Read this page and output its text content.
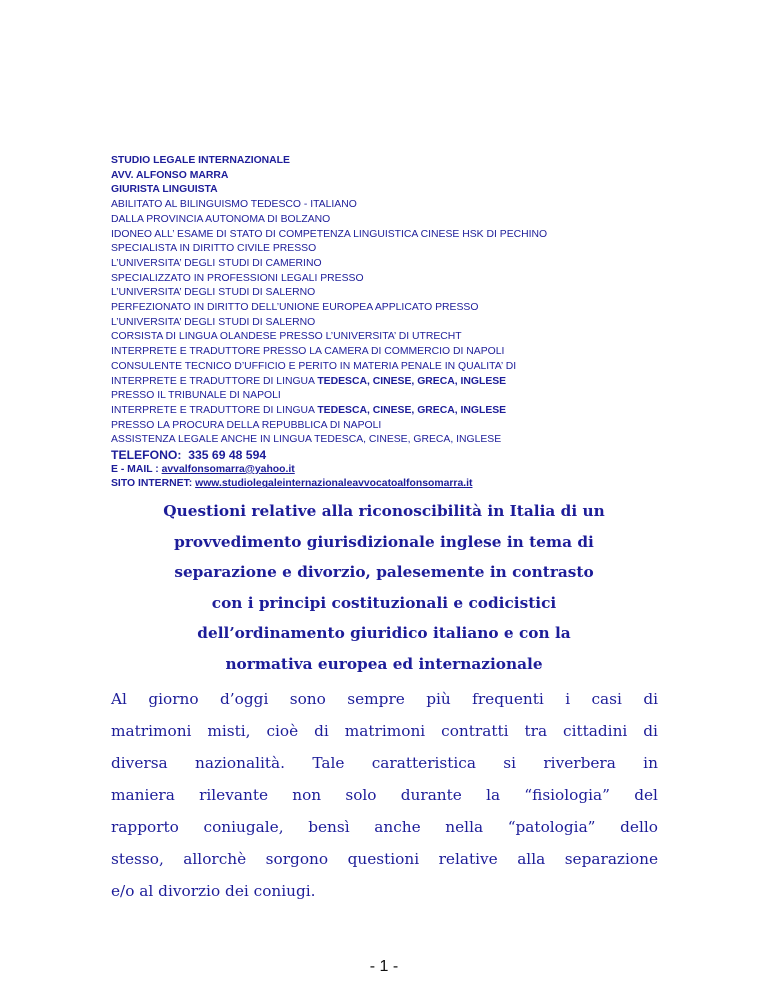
STUDIO LEGALE INTERNAZIONALE
AVV. ALFONSO MARRA
GIURISTA LINGUISTA
ABILITATO AL BILINGUISMO TEDESCO - ITALIANO
DALLA PROVINCIA AUTONOMA DI BOLZANO
IDONEO ALL’ ESAME DI STATO DI COMPETENZA LINGUISTICA CINESE HSK DI PECHINO
SPECIALISTA IN DIRITTO CIVILE PRESSO
L’UNIVERSITA’ DEGLI STUDI DI CAMERINO
SPECIALIZZATO IN PROFESSIONI LEGALI PRESSO
L’UNIVERSITA’ DEGLI STUDI DI SALERNO
PERFEZIONATO IN DIRITTO DELL’UNIONE EUROPEA APPLICATO PRESSO
L’UNIVERSITA’ DEGLI STUDI DI SALERNO
CORSISTA DI LINGUA OLANDESE PRESSO L’UNIVERSITA’ DI UTRECHT
INTERPRETE E TRADUTTORE PRESSO LA CAMERA DI COMMERCIO DI NAPOLI
CONSULENTE TECNICO D’UFFICIO E PERITO IN MATERIA PENALE IN QUALITA’ DI
INTERPRETE E TRADUTTORE DI LINGUA TEDESCA, CINESE, GRECA, INGLESE
PRESSO IL TRIBUNALE DI NAPOLI
INTERPRETE E TRADUTTORE DI LINGUA TEDESCA, CINESE, GRECA, INGLESE
PRESSO LA PROCURA DELLA REPUBBLICA DI NAPOLI
ASSISTENZA LEGALE ANCHE IN LINGUA TEDESCA, CINESE, GRECA, INGLESE
TELEFONO: 335 69 48 594
E - MAIL : avvalfonsomarra@yahoo.it
SITO INTERNET: www.studiolegaleinternazionaleavvocatoalfonsomarra.it
Questioni relative alla riconoscibilità in Italia di un
provvedimento giurisdizionale inglese in tema di
separazione e divorzio, palesemente in contrasto
con i principi costituzionali e codicistici
dell’ordinamento giuridico italiano e con la
normativa europea ed internazionale
Al giorno d’oggi sono sempre più frequenti i casi di
matrimoni misti, cioè di matrimoni contratti tra cittadini di
diversa nazionalità. Tale caratteristica si riverbera in
maniera rilevante non solo durante la “fisiologia” del
rapporto coniugale, bensì anche nella “patologia” dello
stesso, allorchè sorgono questioni relative alla separazione
e/o al divorzio dei coniugi.
- 1 -
